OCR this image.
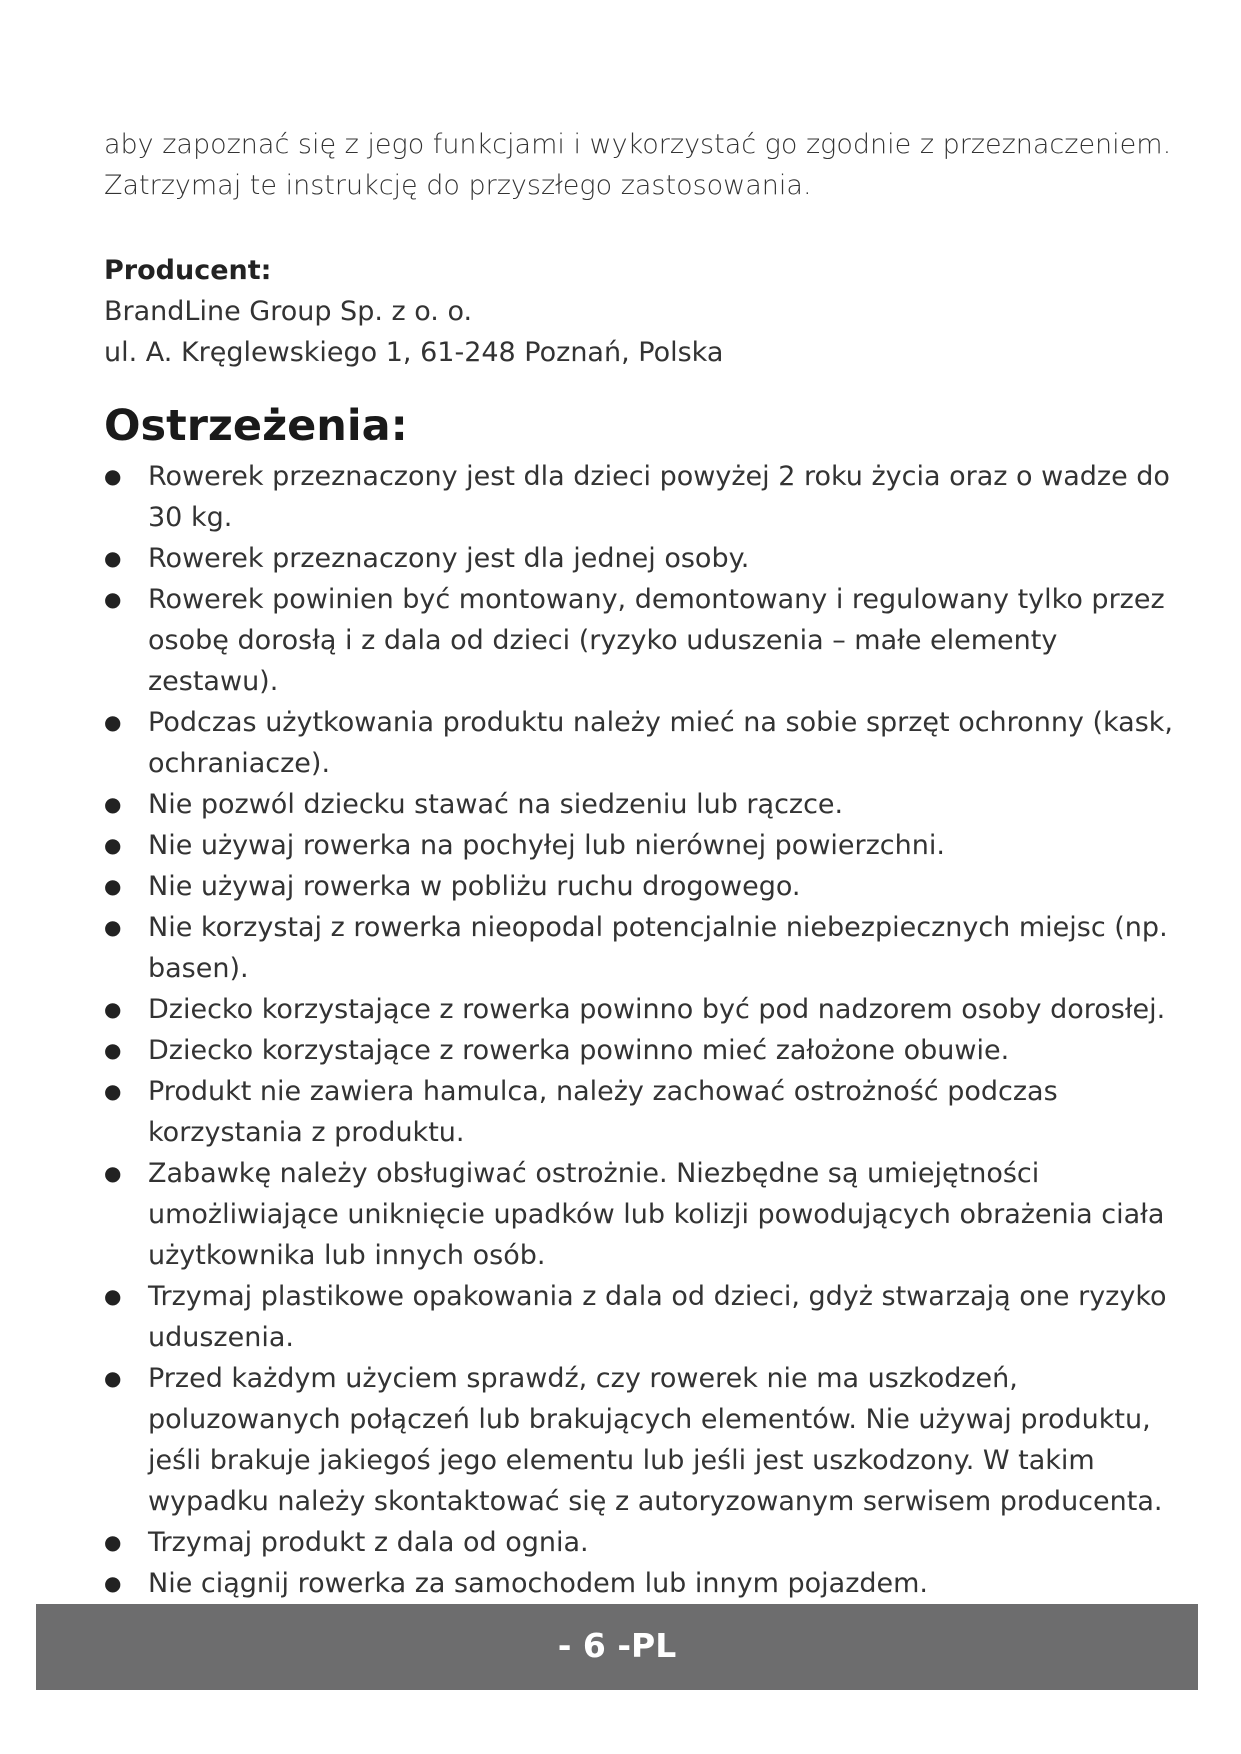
aby zapoznać się z jego funkcjami i wykorzystać go zgodnie z przeznaczeniem.

Zatrzymaj te instrukcję do przyszłego zastosowania.

Producent:

BrandLine Group Sp. z o. o.

ul. A. Kręglewskiego 1, 61-248 Poznań, Polska

Ostrzeżenia:
●
Rowerek przeznaczony jest dla dzieci powyżej 2 roku życia oraz o wadze do 30 kg.
●
Rowerek przeznaczony jest dla jednej osoby.
●
Rowerek powinien być montowany, demontowany i regulowany tylko przez osobę dorosłą i z dala od dzieci (ryzyko uduszenia – małe elementy zestawu).
●
Podczas użytkowania produktu należy mieć na sobie sprzęt ochronny (kask, ochraniacze).
●
Nie pozwól dziecku stawać na siedzeniu lub rączce.
●
Nie używaj rowerka na pochyłej lub nierównej powierzchni.
●
Nie używaj rowerka w pobliżu ruchu drogowego.
●
Nie korzystaj z rowerka nieopodal potencjalnie niebezpiecznych miejsc (np. basen).
●
Dziecko korzystające z rowerka powinno być pod nadzorem osoby dorosłej.
●
Dziecko korzystające z rowerka powinno mieć założone obuwie.
●
Produkt nie zawiera hamulca, należy zachować ostrożność podczas korzystania z produktu.
●
Zabawkę należy obsługiwać ostrożnie. Niezbędne są umiejętności umożliwiające uniknięcie upadków lub kolizji powodujących obrażenia ciała użytkownika lub innych osób.
●
Trzymaj plastikowe opakowania z dala od dzieci, gdyż stwarzają one ryzyko uduszenia.
●
Przed każdym użyciem sprawdź, czy rowerek nie ma uszkodzeń, poluzowanych połączeń lub brakujących elementów. Nie używaj produktu, jeśli brakuje jakiegoś jego elementu lub jeśli jest uszkodzony. W takim wypadku należy skontaktować się z autoryzowanym serwisem producenta.
●
Trzymaj produkt z dala od ognia.
●
Nie ciągnij rowerka za samochodem lub innym pojazdem.
- 6 -PL
